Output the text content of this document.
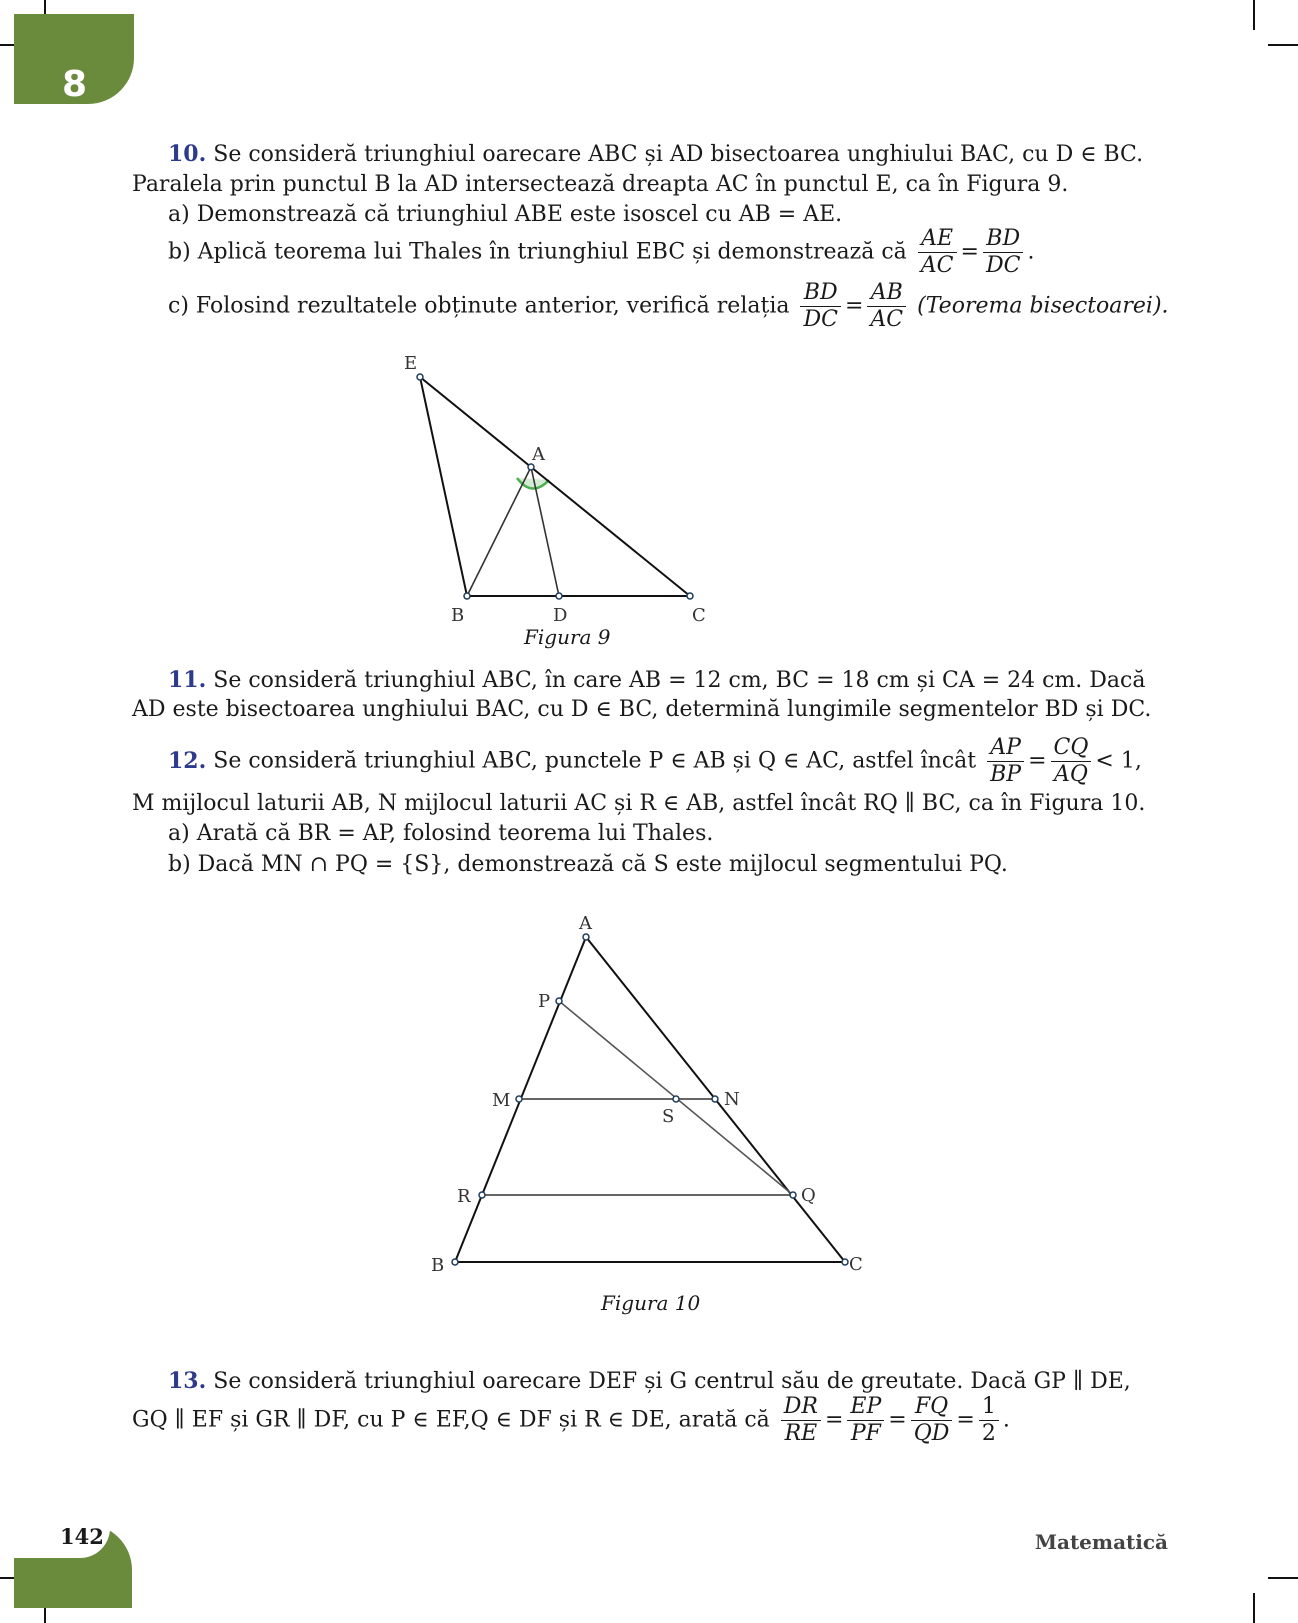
8
10. Se consideră triunghiul oarecare ABC și AD bisectoarea unghiului BAC, cu D ∈ BC.
Paralela prin punctul B la AD intersectează dreapta AC în punctul E, ca în Figura 9.
a) Demonstrează că triunghiul ABE este isoscel cu AB = AE.
b) Aplică teorema lui Thales în triunghiul EBC și demonstrează că $\frac{AE}{AC} = \frac{BD}{DC}$ .
c) Folosind rezultatele obținute anterior, verifică relația $\frac{BD}{DC} = \frac{AB}{AC}$ (Teorema bisectoarei).
E
A
B	D	C
Figura 9
11. Se consideră triunghiul ABC, în care AB = 12 cm, BC = 18 cm și CA = 24 cm. Dacă
AD este bisectoarea unghiului BAC, cu D ∈ BC, determină lungimile segmentelor BD și DC.
12. Se consideră triunghiul ABC, punctele P ∈ AB și Q ∈ AC, astfel încât $\frac{AP}{BP} = \frac{CQ}{AQ} < 1$,
M mijlocul laturii AB, N mijlocul laturii AC și R ∈ AB, astfel încât RQ ∥ BC, ca în Figura 10.
a) Arată că BR = AP, folosind teorema lui Thales.
b) Dacă MN ∩ PQ = {S}, demonstrează că S este mijlocul segmentului PQ.
A
P
M
S
N
R	Q
B	C
Figura 10
13. Se consideră triunghiul oarecare DEF și G centrul său de greutate. Dacă GP ∥ DE,
GQ ∥ EF și GR ∥ DF, cu P ∈ EF,Q ∈ DF și R ∈ DE, arată că $\frac{DR}{RE} = \frac{EP}{PF} = \frac{FQ}{QD} = \frac{1}{2}$ .
142	Matematică
